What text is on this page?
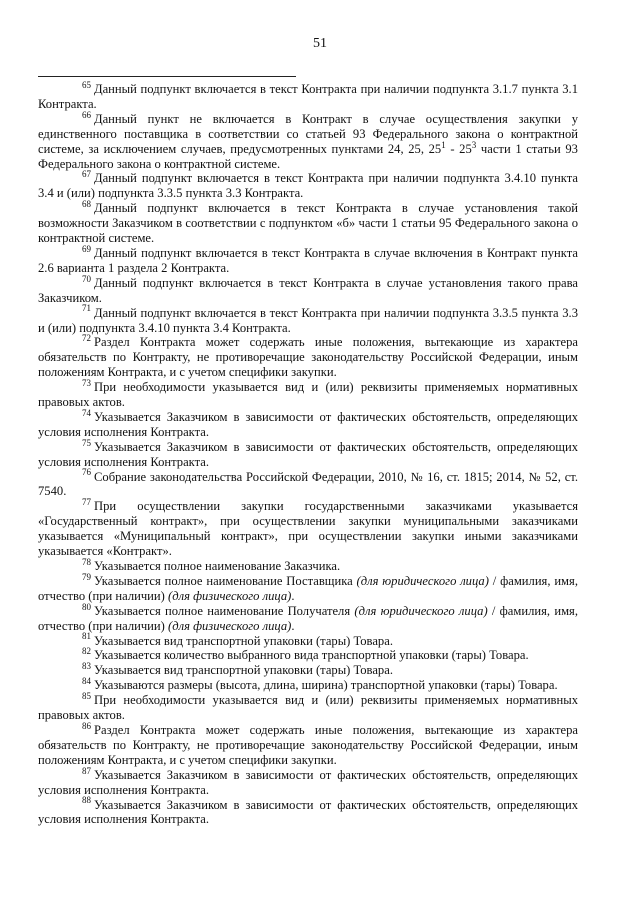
51

$^{65}$ Данный подпункт включается в текст Контракта при наличии подпункта 3.1.7 пункта 3.1 Контракта.

$^{66}$ Данный пункт не включается в Контракт в случае осуществления закупки у единственного поставщика в соответствии со статьей 93 Федерального закона о контрактной системе, за исключением случаев, предусмотренных пунктами 24, 25, $25^1 - 25^3$ части 1 статьи 93 Федерального закона о контрактной системе.

$^{67}$ Данный подпункт включается в текст Контракта при наличии подпункта 3.4.10 пункта 3.4 и (или) подпункта 3.3.5 пункта 3.3 Контракта.

$^{68}$ Данный подпункт включается в текст Контракта в случае установления такой возможности Заказчиком в соответствии с подпунктом «б» части 1 статьи 95 Федерального закона о контрактной системе.

$^{69}$ Данный подпункт включается в текст Контракта в случае включения в Контракт пункта 2.6 варианта 1 раздела 2 Контракта.

$^{70}$ Данный подпункт включается в текст Контракта в случае установления такого права Заказчиком.

$^{71}$ Данный подпункт включается в текст Контракта при наличии подпункта 3.3.5 пункта 3.3 и (или) подпункта 3.4.10 пункта 3.4 Контракта.

$^{72}$ Раздел Контракта может содержать иные положения, вытекающие из характера обязательств по Контракту, не противоречащие законодательству Российской Федерации, иным положениям Контракта, и с учетом специфики закупки.

$^{73}$ При необходимости указывается вид и (или) реквизиты применяемых нормативных правовых актов.

$^{74}$ Указывается Заказчиком в зависимости от фактических обстоятельств, определяющих условия исполнения Контракта.

$^{75}$ Указывается Заказчиком в зависимости от фактических обстоятельств, определяющих условия исполнения Контракта.

$^{76}$ Собрание законодательства Российской Федерации, 2010, № 16, ст. 1815; 2014, № 52, ст. 7540.

$^{77}$ При осуществлении закупки государственными заказчиками указывается «Государственный контракт», при осуществлении закупки муниципальными заказчиками указывается «Муниципальный контракт», при осуществлении закупки иными заказчиками указывается «Контракт».

$^{78}$ Указывается полное наименование Заказчика.

$^{79}$ Указывается полное наименование Поставщика (для юридического лица) / фамилия, имя, отчество (при наличии) (для физического лица).

$^{80}$ Указывается полное наименование Получателя (для юридического лица) / фамилия, имя, отчество (при наличии) (для физического лица).

$^{81}$ Указывается вид транспортной упаковки (тары) Товара.

$^{82}$ Указывается количество выбранного вида транспортной упаковки (тары) Товара.

$^{83}$ Указывается вид транспортной упаковки (тары) Товара.

$^{84}$ Указываются размеры (высота, длина, ширина) транспортной упаковки (тары) Товара.

$^{85}$ При необходимости указывается вид и (или) реквизиты применяемых нормативных правовых актов.

$^{86}$ Раздел Контракта может содержать иные положения, вытекающие из характера обязательств по Контракту, не противоречащие законодательству Российской Федерации, иным положениям Контракта, и с учетом специфики закупки.

$^{87}$ Указывается Заказчиком в зависимости от фактических обстоятельств, определяющих условия исполнения Контракта.

$^{88}$ Указывается Заказчиком в зависимости от фактических обстоятельств, определяющих условия исполнения Контракта.
